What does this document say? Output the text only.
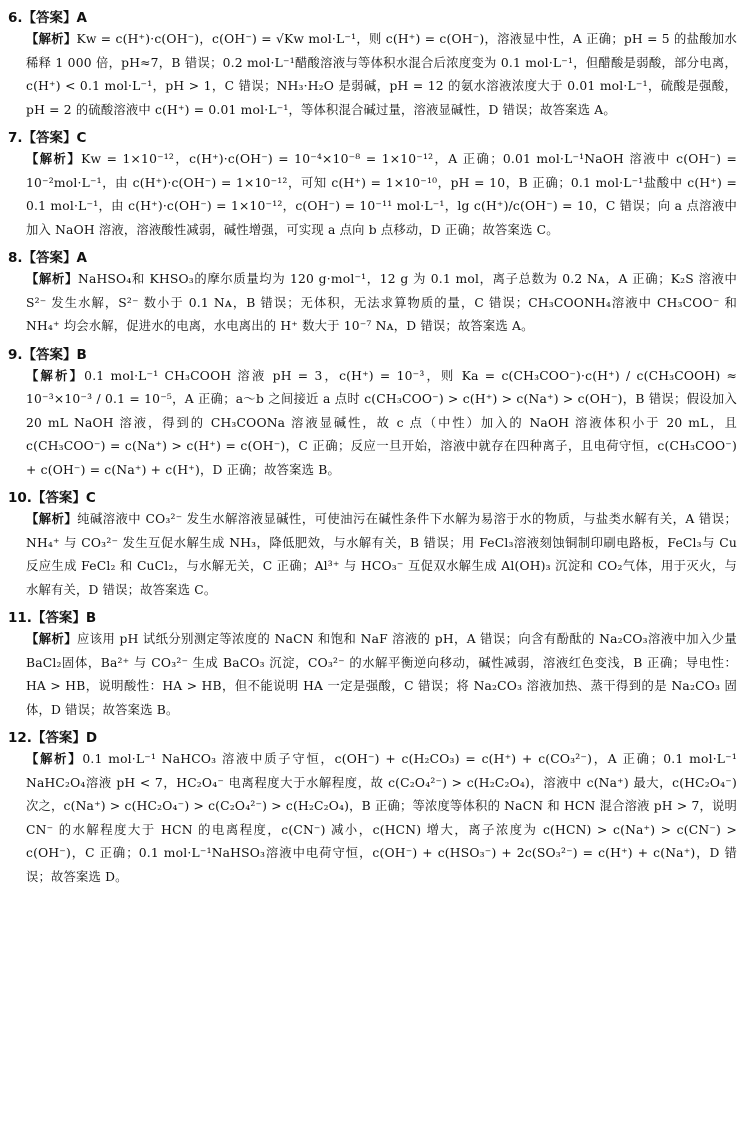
6.【答案】A
【解析】Kw = c(H⁺)·c(OH⁻)，c(OH⁻) = √Kw mol·L⁻¹，则 c(H⁺) = c(OH⁻)，溶液显中性，A 正确；pH = 5 的盐酸加水稀释 1 000 倍，pH≈7，B 错误；0.2 mol·L⁻¹醋酸溶液与等体积水混合后浓度变为 0.1 mol·L⁻¹，但醋酸是弱酸，部分电离，c(H⁺) < 0.1 mol·L⁻¹，pH > 1，C 错误；NH₃·H₂O 是弱碱，pH = 12 的氨水溶液浓度大于 0.01 mol·L⁻¹，硫酸是强酸，pH = 2 的硫酸溶液中 c(H⁺) = 0.01 mol·L⁻¹，等体积混合碱过量，溶液显碱性，D 错误；故答案选 A。
7.【答案】C
【解析】Kw = 1×10⁻¹²，c(H⁺)·c(OH⁻) = 10⁻⁴×10⁻⁸ = 1×10⁻¹²，A 正确；0.01 mol·L⁻¹NaOH 溶液中 c(OH⁻) = 10⁻²mol·L⁻¹，由 c(H⁺)·c(OH⁻) = 1×10⁻¹²，可知 c(H⁺) = 1×10⁻¹⁰，pH = 10，B 正确；0.1 mol·L⁻¹盐酸中 c(H⁺) = 0.1 mol·L⁻¹，由 c(H⁺)·c(OH⁻) = 1×10⁻¹²，c(OH⁻) = 10⁻¹¹ mol·L⁻¹，lg c(H⁺)/c(OH⁻) = 10，C 错误；向 a 点溶液中加入 NaOH 溶液，溶液酸性减弱，碱性增强，可实现 a 点向 b 点移动，D 正确；故答案选 C。
8.【答案】A
【解析】NaHSO₄和 KHSO₃的摩尔质量均为 120 g·mol⁻¹，12 g 为 0.1 mol，离子总数为 0.2 Nᴀ，A 正确；K₂S 溶液中 S²⁻ 发生水解，S²⁻ 数小于 0.1 Nᴀ，B 错误；无体积，无法求算物质的量，C 错误；CH₃COONH₄溶液中 CH₃COO⁻ 和 NH₄⁺ 均会水解，促进水的电离，水电离出的 H⁺ 数大于 10⁻⁷ Nᴀ，D 错误；故答案选 A。
9.【答案】B
【解析】0.1 mol·L⁻¹ CH₃COOH 溶液 pH = 3，c(H⁺) = 10⁻³，则 Ka = c(CH₃COO⁻)·c(H⁺) / c(CH₃COOH) ≈ 10⁻³×10⁻³ / 0.1 = 10⁻⁵，A 正确；a～b 之间接近 a 点时 c(CH₃COO⁻) > c(H⁺) > c(Na⁺) > c(OH⁻)，B 错误；假设加入 20 mL NaOH 溶液，得到的 CH₃COONa 溶液显碱性，故 c 点（中性）加入的 NaOH 溶液体积小于 20 mL，且 c(CH₃COO⁻) = c(Na⁺) > c(H⁺) = c(OH⁻)，C 正确；反应一旦开始，溶液中就存在四种离子，且电荷守恒，c(CH₃COO⁻) + c(OH⁻) = c(Na⁺) + c(H⁺)，D 正确；故答案选 B。
10.【答案】C
【解析】纯碱溶液中 CO₃²⁻ 发生水解溶液显碱性，可使油污在碱性条件下水解为易溶于水的物质，与盐类水解有关，A 错误；NH₄⁺ 与 CO₃²⁻ 发生互促水解生成 NH₃，降低肥效，与水解有关，B 错误；用 FeCl₃溶液刻蚀铜制印刷电路板，FeCl₃与 Cu 反应生成 FeCl₂ 和 CuCl₂，与水解无关，C 正确；Al³⁺ 与 HCO₃⁻ 互促双水解生成 Al(OH)₃ 沉淀和 CO₂气体，用于灭火，与水解有关，D 错误；故答案选 C。
11.【答案】B
【解析】应该用 pH 试纸分别测定等浓度的 NaCN 和饱和 NaF 溶液的 pH，A 错误；向含有酚酞的 Na₂CO₃溶液中加入少量 BaCl₂固体，Ba²⁺ 与 CO₃²⁻ 生成 BaCO₃ 沉淀，CO₃²⁻ 的水解平衡逆向移动，碱性减弱，溶液红色变浅，B 正确；导电性：HA > HB，说明酸性：HA > HB，但不能说明 HA 一定是强酸，C 错误；将 Na₂CO₃ 溶液加热、蒸干得到的是 Na₂CO₃ 固体，D 错误；故答案选 B。
12.【答案】D
【解析】0.1 mol·L⁻¹ NaHCO₃ 溶液中质子守恒，c(OH⁻) + c(H₂CO₃) = c(H⁺) + c(CO₃²⁻)，A 正确；0.1 mol·L⁻¹ NaHC₂O₄溶液 pH < 7，HC₂O₄⁻ 电离程度大于水解程度，故 c(C₂O₄²⁻) > c(H₂C₂O₄)，溶液中 c(Na⁺) 最大，c(HC₂O₄⁻) 次之，c(Na⁺) > c(HC₂O₄⁻) > c(C₂O₄²⁻) > c(H₂C₂O₄)，B 正确；等浓度等体积的 NaCN 和 HCN 混合溶液 pH > 7，说明 CN⁻ 的水解程度大于 HCN 的电离程度，c(CN⁻) 减小，c(HCN) 增大，离子浓度为 c(HCN) > c(Na⁺) > c(CN⁻) > c(OH⁻)，C 正确；0.1 mol·L⁻¹NaHSO₃溶液中电荷守恒，c(OH⁻) + c(HSO₃⁻) + 2c(SO₃²⁻) = c(H⁺) + c(Na⁺)，D 错误；故答案选 D。
